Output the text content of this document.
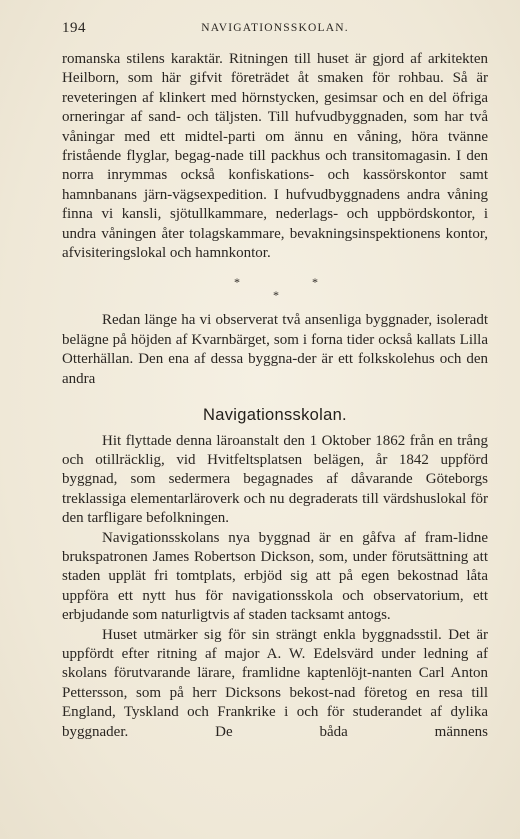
194	NAVIGATIONSSKOLAN.

romanska stilens karaktär. Ritningen till huset är gjord af arkitekten Heilborn, som här gifvit företrädet åt smaken för rohbau. Så är reveteringen af klinkert med hörnstycken, gesimsar och en del öfriga orneringar af sand- och täljsten. Till hufvudbyggnaden, som har två våningar med ett midtel-parti om ännu en våning, höra tvänne fristående flyglar, begag-nade till packhus och transitomagasin. I den norra inrymmas också konfiskations- och kassörskontor samt hamnbanans järn-vägsexpedition. I hufvudbyggnadens andra våning finna vi kansli, sjötullkammare, nederlags- och uppbördskontor, i undra våningen åter tolagskammare, bevakningsinspektionens kontor, afvisiteringslokal och hamnkontor.

*	*
*

Redan länge ha vi observerat två ansenliga byggnader, isoleradt belägne på höjden af Kvarnbärget, som i forna tider också kallats Lilla Otterhällan. Den ena af dessa byggna-der är ett folkskolehus och den andra

Navigationsskolan.

Hit flyttade denna läroanstalt den 1 Oktober 1862 från en trång och otillräcklig, vid Hvitfeltsplatsen belägen, år 1842 uppförd byggnad, som sedermera begagnades af dåvarande Göteborgs treklassiga elementarläroverk och nu degraderats till värdshuslokal för den tarfligare befolkningen.

Navigationsskolans nya byggnad är en gåfva af fram-lidne brukspatronen James Robertson Dickson, som, under förutsättning att staden upplät fri tomtplats, erbjöd sig att på egen bekostnad låta uppföra ett nytt hus för navigationsskola och observatorium, ett erbjudande som naturligtvis af staden tacksamt antogs.

Huset utmärker sig för sin strängt enkla byggnadsstil. Det är uppfördt efter ritning af major A. W. Edelsvärd under ledning af skolans förutvarande lärare, framlidne kaptenlöjt-nanten Carl Anton Pettersson, som på herr Dicksons bekost-nad företog en resa till England, Tyskland och Frankrike i och för studerandet af dylika byggnader. De båda männens
